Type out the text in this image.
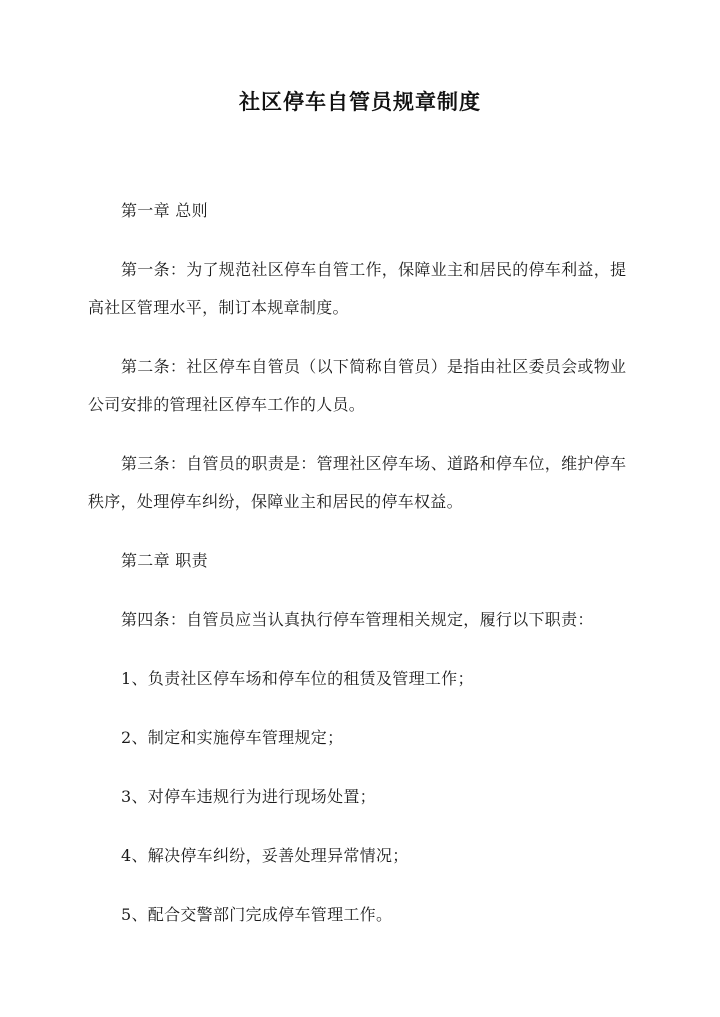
社区停车自管员规章制度

第一章 总则

第一条：为了规范社区停车自管工作，保障业主和居民的停车利益，提高社区管理水平，制订本规章制度。

第二条：社区停车自管员（以下简称自管员）是指由社区委员会或物业公司安排的管理社区停车工作的人员。

第三条：自管员的职责是：管理社区停车场、道路和停车位，维护停车秩序，处理停车纠纷，保障业主和居民的停车权益。

第二章 职责

第四条：自管员应当认真执行停车管理相关规定，履行以下职责：

1、负责社区停车场和停车位的租赁及管理工作；

2、制定和实施停车管理规定；

3、对停车违规行为进行现场处置；

4、解决停车纠纷，妥善处理异常情况；

5、配合交警部门完成停车管理工作。
